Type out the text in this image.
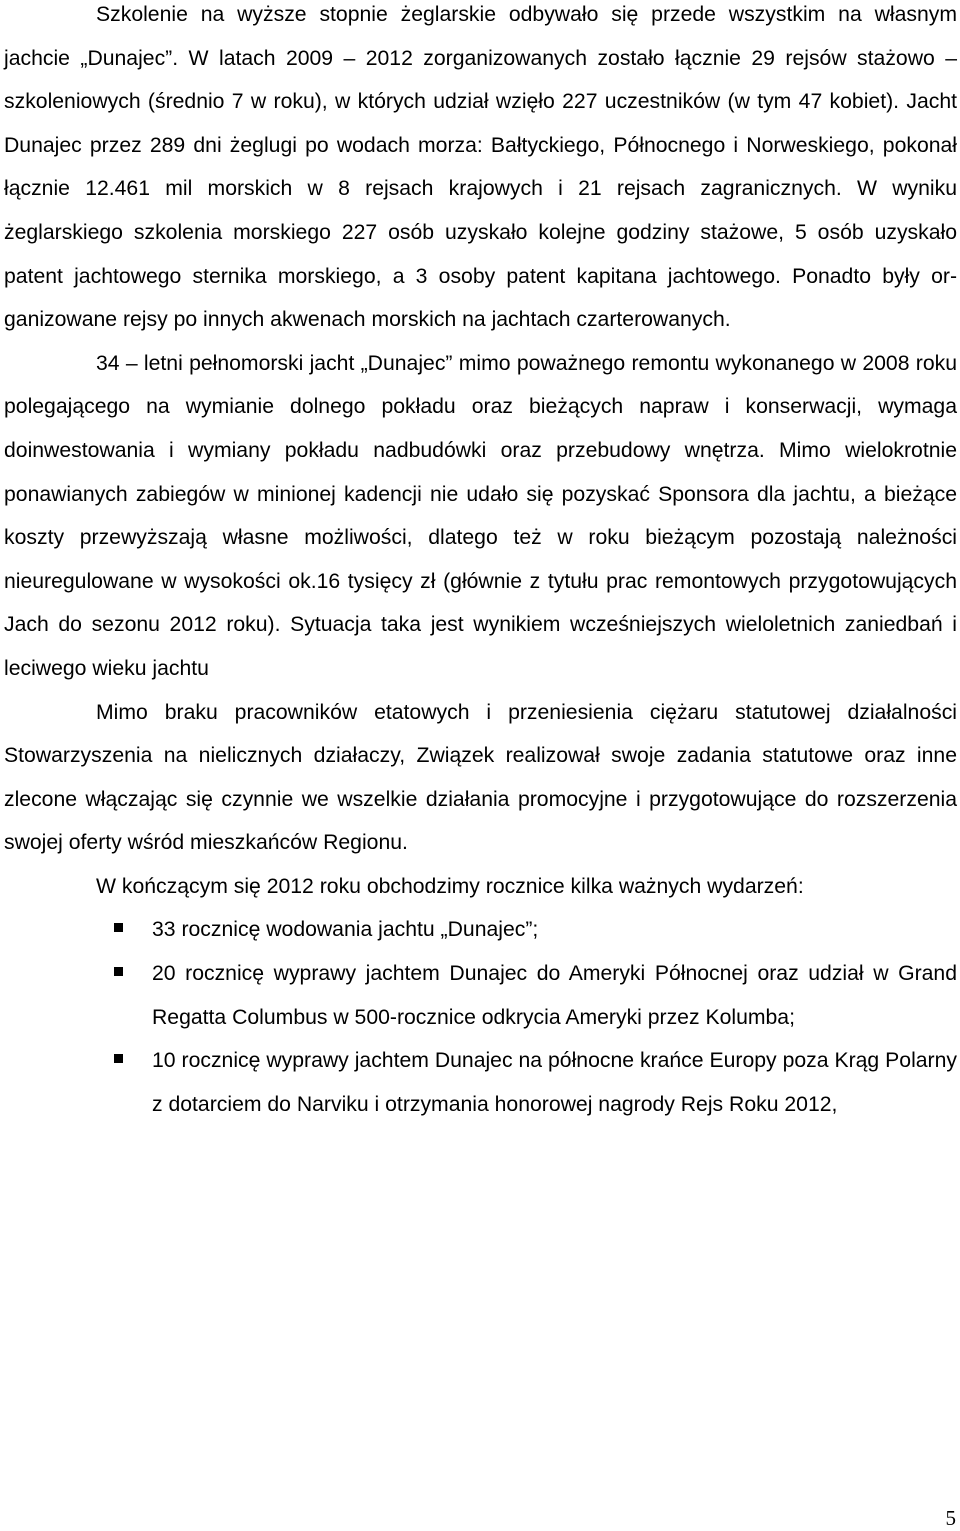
Szkolenie na wyższe stopnie żeglarskie odbywało się przede wszystkim na własnym jachcie „Dunajec”. W latach 2009 – 2012 zorganizowanych zostało łącznie 29 rejsów stażowo – szkoleniowych (średnio 7 w roku), w których udział wzięło 227 uczestników (w tym 47 kobiet). Jacht Dunajec przez 289 dni żeglugi po wodach morza: Bałtyckiego, Północnego i Norweskiego, pokonał łącznie 12.461 mil morskich w 8 rejsach krajowych i 21 rejsach zagranicznych. W wyniku żeglarskiego szkolenia morskiego 227 osób uzyskało kolejne godziny stażowe, 5 osób uzyskało patent jachtowego sternika morskiego, a 3 osoby patent kapitana jachtowego. Ponadto były organizowane rejsy po innych akwenach morskich na jachtach czarterowanych.

34 – letni pełnomorski jacht „Dunajec” mimo poważnego remontu wykonanego w 2008 roku polegającego na wymianie dolnego pokładu oraz bieżących napraw i konserwacji, wymaga doinwestowania i wymiany pokładu nadbudówki oraz przebudowy wnętrza. Mimo wielokrotnie ponawianych zabiegów w minionej kadencji nie udało się pozyskać Sponsora dla jachtu, a bieżące koszty przewyższają własne możliwości, dlatego też w roku bieżącym pozostają należności nieuregulowane w wysokości ok.16 tysięcy zł (głównie z tytułu prac remontowych przygotowujących Jach do sezonu 2012 roku). Sytuacja taka jest wynikiem wcześniejszych wieloletnich zaniedbań i leciwego wieku jachtu

Mimo braku pracowników etatowych i przeniesienia ciężaru statutowej działalności Stowarzyszenia na nielicznych działaczy, Związek realizował swoje zadania statutowe oraz inne zlecone włączając się czynnie we wszelkie działania promocyjne i przygotowujące do rozszerzenia swojej oferty wśród mieszkańców Regionu.

W kończącym się 2012 roku obchodzimy rocznice kilka ważnych wydarzeń:

33 rocznicę wodowania jachtu „Dunajec”;
20 rocznicę wyprawy jachtem Dunajec do Ameryki Północnej oraz udział w Grand Regatta Columbus w 500-rocznice odkrycia Ameryki przez Kolumba;
10 rocznicę wyprawy jachtem Dunajec na północne krańce Europy poza Krąg Polarny z dotarciem do Narviku i otrzymania honorowej nagrody Rejs Roku 2012,
5
